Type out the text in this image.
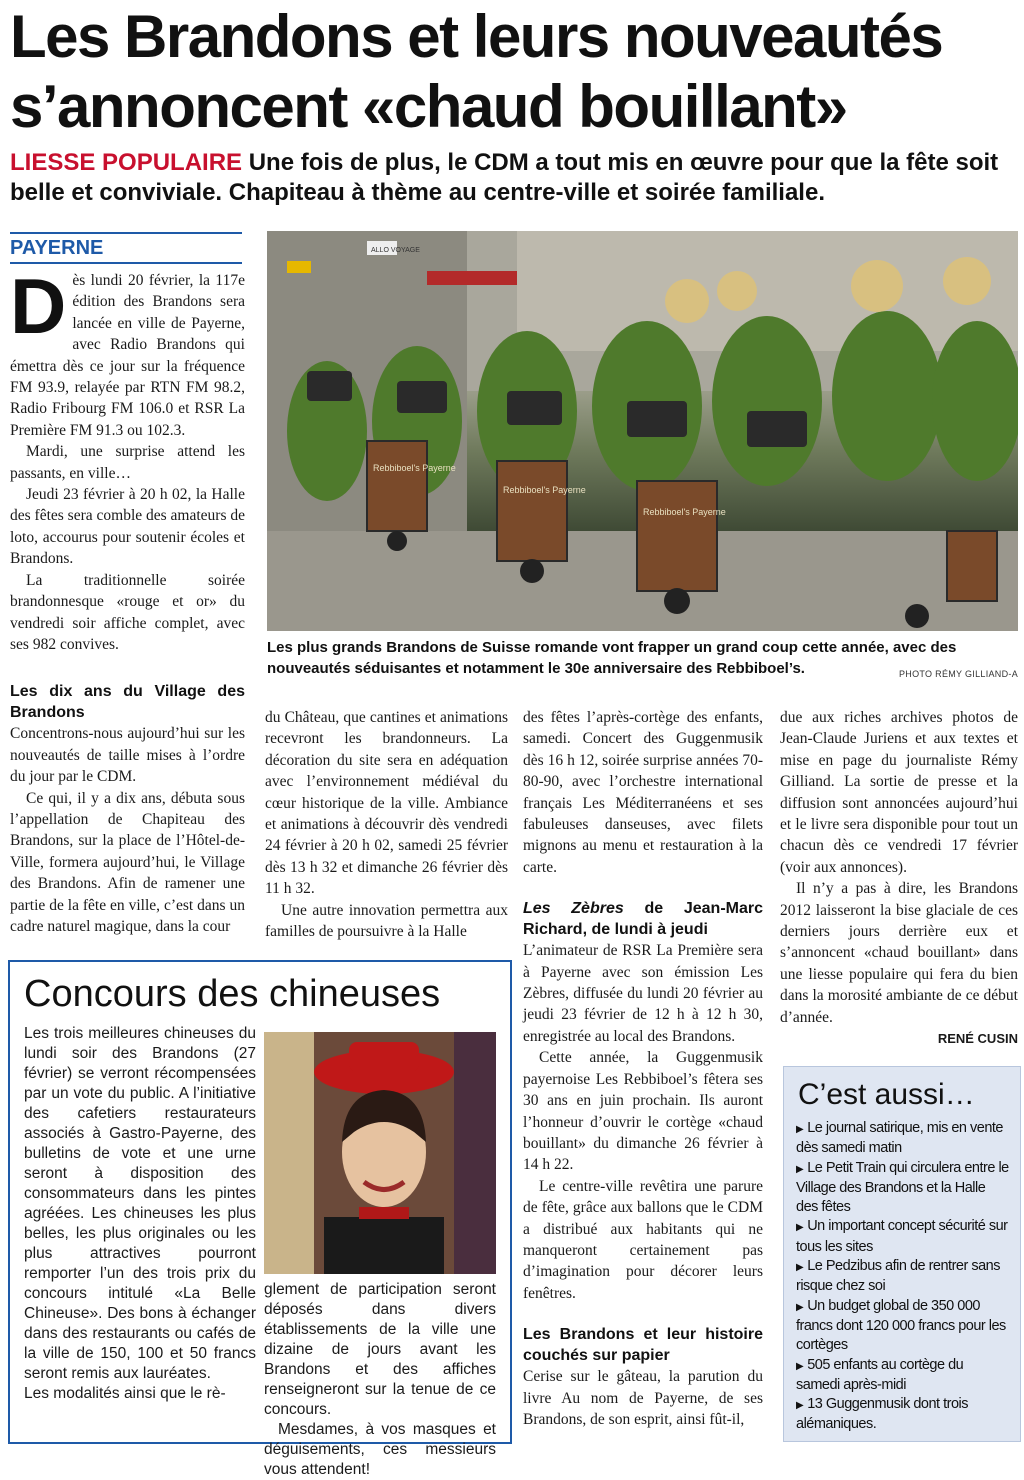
Les Brandons et leurs nouveautés s’annoncent «chaud bouillant»
LIESSE POPULAIRE Une fois de plus, le CDM a tout mis en œuvre pour que la fête soit belle et conviviale. Chapiteau à thème au centre-ville et soirée familiale.
PAYERNE

Dès lundi 20 février, la 117e édition des Brandons sera lancée en ville de Payerne, avec Radio Brandons qui émettra dès ce jour sur la fréquence FM 93.9, relayée par RTN FM 98.2, Radio Fribourg FM 106.0 et RSR La Première FM 91.3 ou 102.3.

Mardi, une surprise attend les passants, en ville…

Jeudi 23 février à 20 h 02, la Halle des fêtes sera comble des amateurs de loto, accourus pour soutenir écoles et Brandons.

La traditionnelle soirée brandonnesque «rouge et or» du vendredi soir affiche complet, avec ses 982 convives.

Les dix ans du Village des Brandons

Concentrons-nous aujourd’hui sur les nouveautés de taille mises à l’ordre du jour par le CDM.

Ce qui, il y a dix ans, débuta sous l’appellation de Chapiteau des Brandons, sur la place de l’Hôtel-de-Ville, formera aujourd’hui, le Village des Brandons. Afin de ramener une partie de la fête en ville, c’est dans un cadre naturel magique, dans la cour

ALLO VOYAGE
Rebbiboel's Payerne
Rebbiboel's Payerne
Rebbiboel's Payerne
Les plus grands Brandons de Suisse romande vont frapper un grand coup cette année, avec des nouveautés séduisantes et notamment le 30e anniversaire des Rebbiboel’s.	PHOTO RÉMY GILLIAND-A

du Château, que cantines et animations recevront les brandonneurs. La décoration du site sera en adéquation avec l’environnement médiéval du cœur historique de la ville. Ambiance et animations à découvrir dès vendredi 24 février à 20 h 02, samedi 25 février dès 13 h 32 et dimanche 26 février dès 11 h 32.

Une autre innovation permettra aux familles de poursuivre à la Halle

des fêtes l’après-cortège des enfants, samedi. Concert des Guggenmusik dès 16 h 12, soirée surprise années 70-80-90, avec l’orchestre international français Les Méditerranéens et ses fabuleuses danseuses, avec filets mignons au menu et restauration à la carte.

Les Zèbres de Jean-Marc Richard, de lundi à jeudi

L’animateur de RSR La Première sera à Payerne avec son émission Les Zèbres, diffusée du lundi 20 février au jeudi 23 février de 12 h à 12 h 30, enregistrée au local des Brandons.

Cette année, la Guggenmusik payernoise Les Rebbiboel’s fêtera ses 30 ans en juin prochain. Ils auront l’honneur d’ouvrir le cortège «chaud bouillant» du dimanche 26 février à 14 h 22.

Le centre-ville revêtira une parure de fête, grâce aux ballons que le CDM a distribué aux habitants qui ne manqueront certainement pas d’imagination pour décorer leurs fenêtres.

Les Brandons et leur histoire couchés sur papier

Cerise sur le gâteau, la parution du livre Au nom de Payerne, de ses Brandons, de son esprit, ainsi fût-il,

due aux riches archives photos de Jean-Claude Juriens et aux textes et mise en page du journaliste Rémy Gilliand. La sortie de presse et la diffusion sont annoncées aujourd’hui et le livre sera disponible pour tout un chacun dès ce vendredi 17 février (voir aux annonces).

Il n’y a pas à dire, les Brandons 2012 laisseront la bise glaciale de ces derniers jours derrière eux et s’annoncent «chaud bouillant» dans une liesse populaire qui fera du bien dans la morosité ambiante de ce début d’année.

RENÉ CUSIN

Concours des chineuses

Les trois meilleures chineuses du lundi soir des Brandons (27 février) se verront récompensées par un vote du public. A l’initiative des cafetiers restaurateurs associés à Gastro-Payerne, des bulletins de vote et une urne seront à disposition des consommateurs dans les pintes agréées. Les chineuses les plus belles, les plus originales ou les plus attractives pourront remporter l’un des trois prix du concours intitulé «La Belle Chineuse». Des bons à échanger dans des restaurants ou cafés de la ville de 150, 100 et 50 francs seront remis aux lauréates.

Les modalités ainsi que le rè-

glement de participation seront déposés dans divers établissements de la ville une dizaine de jours avant les Brandons et des affiches renseigneront sur la tenue de ce concours.

Mesdames, à vos masques et déguisements, ces messieurs vous attendent!

C’est aussi…
▶ Le journal satirique, mis en vente dès samedi matin
▶ Le Petit Train qui circulera entre le Village des Brandons et la Halle des fêtes
▶ Un important concept sécurité sur tous les sites
▶ Le Pedzibus afin de rentrer sans risque chez soi
▶ Un budget global de 350 000 francs dont 120 000 francs pour les cortèges
▶ 505 enfants au cortège du samedi après-midi
▶ 13 Guggenmusik dont trois alémaniques.
